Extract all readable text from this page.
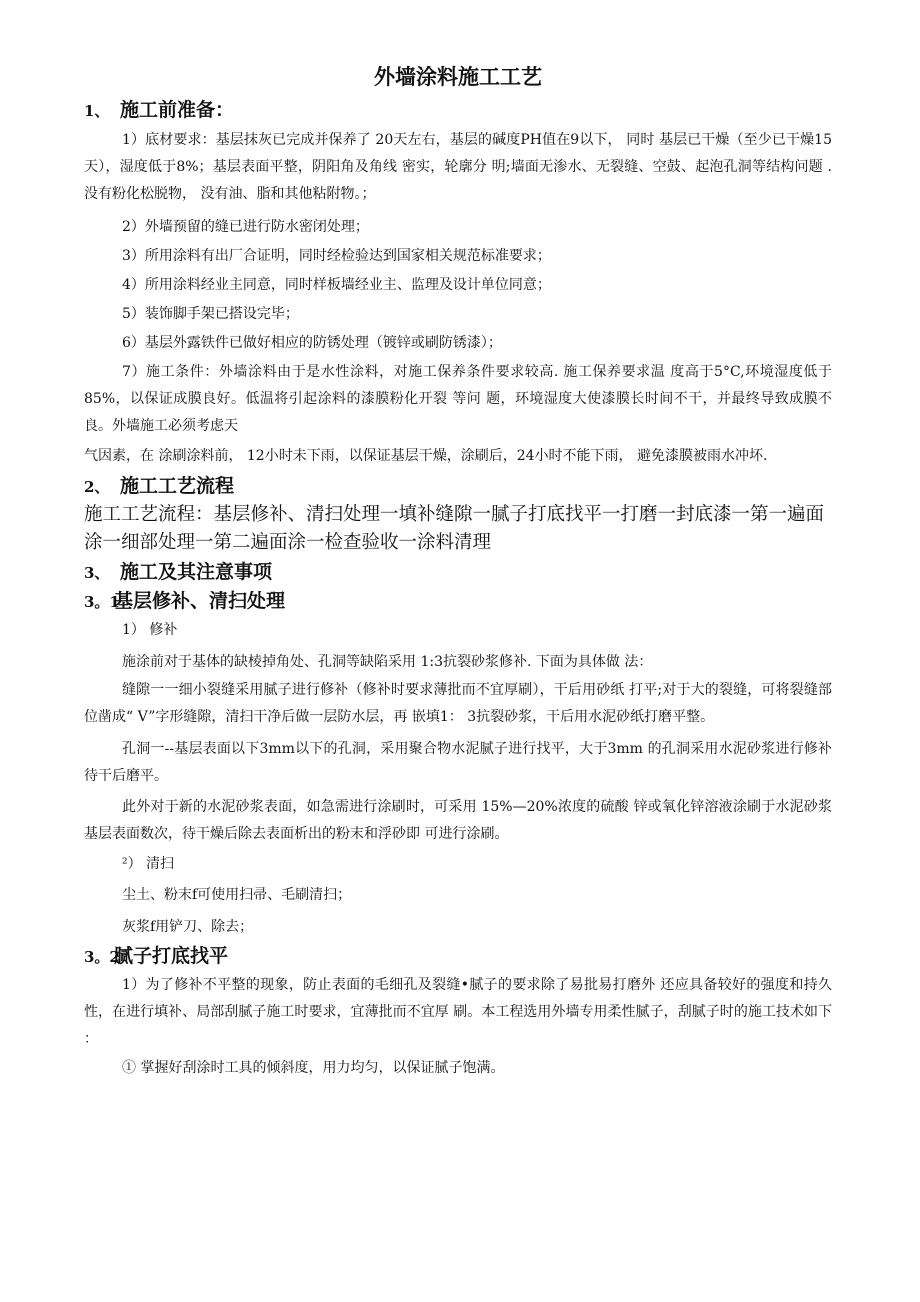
外墙涂料施工工艺
1、 施工前准备：

1）底材要求：基层抹灰已完成并保养了 20天左右，基层的碱度PH值在9以下， 同时 基层已干燥（至少已干燥15天），湿度低于8%；基层表面平整，阴阳角及角线 密实，轮廓分 明;墙面无渗水、无裂缝、空鼓、起泡孔洞等结构问题 .没有粉化松脱物， 没有油、脂和其他粘附物。；

2）外墙预留的缝已进行防水密闭处理；

3）所用涂料有出厂合证明，同时经检验达到国家相关规范标准要求；

4）所用涂料经业主同意，同时样板墙经业主、监理及设计单位同意；

5）装饰脚手架已搭设完毕；

6）基层外露铁件已做好相应的防锈处理（镀锌或刷防锈漆）；

7）施工条件：外墙涂料由于是水性涂料，对施工保养条件要求较高. 施工保养要求温 度高于5°C,环境湿度低于85%，以保证成膜良好。低温将引起涂料的漆膜粉化开裂 等问 题，环境湿度大使漆膜长时间不干，并最终导致成膜不良。外墙施工必须考虑天

气因素，在 涂刷涂料前， 12小时未下雨，以保证基层干燥，涂刷后，24小时不能下雨， 避免漆膜被雨水冲坏.

2、 施工工艺流程

施工工艺流程：基层修补、清扫处理一填补缝隙一腻子打底找平一打磨一封底漆一第一遍面涂一细部处理一第二遍面涂一检查验收一涂料清理

3、 施工及其注意事项
3。1基层修补、清扫处理

1） 修补

施涂前对于基体的缺棱掉角处、孔洞等缺陷采用 1:3抗裂砂浆修补. 下面为具体做 法：

缝隙一一细小裂缝采用腻子进行修补（修补时要求薄批而不宜厚刷），干后用砂纸 打平;对于大的裂缝，可将裂缝部位凿成“ V”字形缝隙，清扫干净后做一层防水层，再 嵌填1： 3抗裂砂浆，干后用水泥砂纸打磨平整。

孔洞一--基层表面以下3mm以下的孔洞，采用聚合物水泥腻子进行找平，大于3mm 的孔洞采用水泥砂浆进行修补待干后磨平。

此外对于新的水泥砂浆表面，如急需进行涂刷时，可采用 15%—20%浓度的硫酸 锌或氧化锌溶液涂刷于水泥砂浆基层表面数次，待干燥后除去表面析出的粉末和浮砂即 可进行涂刷。

²） 清扫

尘土、粉末f可使用扫帚、毛刷清扫；

灰浆f用铲刀、除去；

3。2腻子打底找平

1）为了修补不平整的现象，防止表面的毛细孔及裂缝•腻子的要求除了易批易打磨外 还应具备较好的强度和持久性，在进行填补、局部刮腻子施工时要求，宜薄批而不宜厚 刷。本工程选用外墙专用柔性腻子，刮腻子时的施工技术如下 ：

① 掌握好刮涂时工具的倾斜度，用力均匀，以保证腻子饱满。
